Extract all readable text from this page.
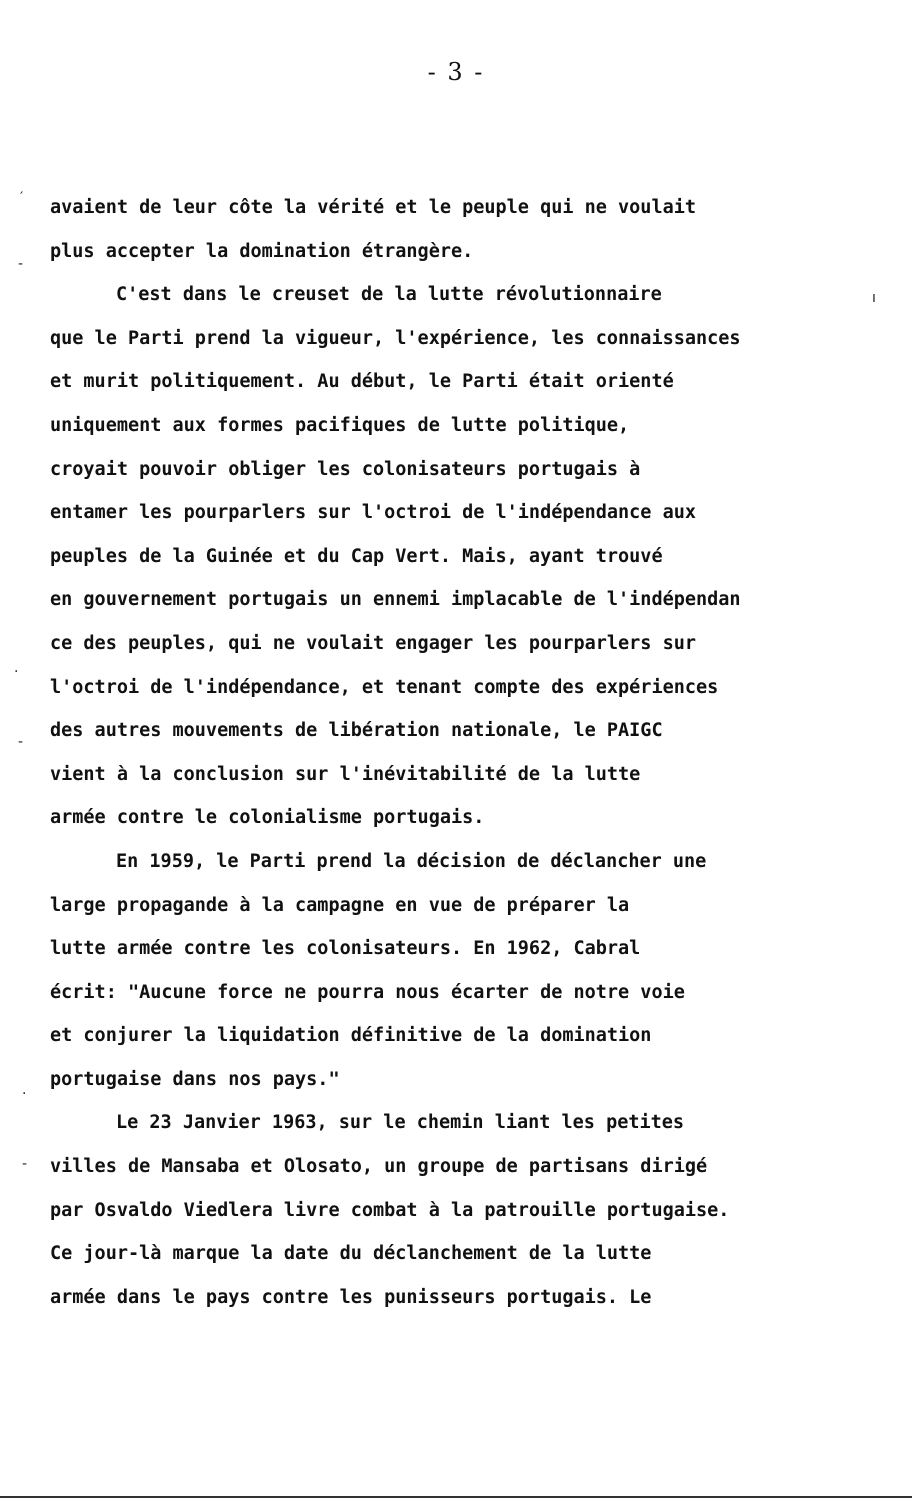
- 3 -
′
-
ı
·
-
·
-
avaient de leur côte la vérité et le peuple qui ne voulait
plus accepter la domination étrangère.
C'est dans le creuset de la lutte révolutionnaire
que le Parti prend la vigueur, l'expérience, les connaissances
et murit politiquement. Au début, le Parti était orienté
uniquement aux formes pacifiques de lutte politique,
croyait pouvoir obliger les colonisateurs portugais à
entamer les pourparlers sur l'octroi de l'indépendance aux
peuples de la Guinée et du Cap Vert. Mais, ayant trouvé
en gouvernement portugais un ennemi implacable de l'indépendan
ce des peuples, qui ne voulait engager les pourparlers sur
l'octroi de l'indépendance, et tenant compte des expériences
des autres mouvements de libération nationale, le PAIGC
vient à la conclusion sur l'inévitabilité de la lutte
armée contre le colonialisme portugais.
En 1959, le Parti prend la décision de déclancher une
large propagande à la campagne en vue de préparer la
lutte armée contre les colonisateurs. En 1962, Cabral
écrit: "Aucune force ne pourra nous écarter de notre voie
et conjurer la liquidation définitive de la domination
portugaise dans nos pays."
Le 23 Janvier 1963, sur le chemin liant les petites
villes de Mansaba et Olosato, un groupe de partisans dirigé
par Osvaldo Viedlera livre combat à la patrouille portugaise.
Ce jour-là marque la date du déclanchement de la lutte
armée dans le pays contre les punisseurs portugais. Le
